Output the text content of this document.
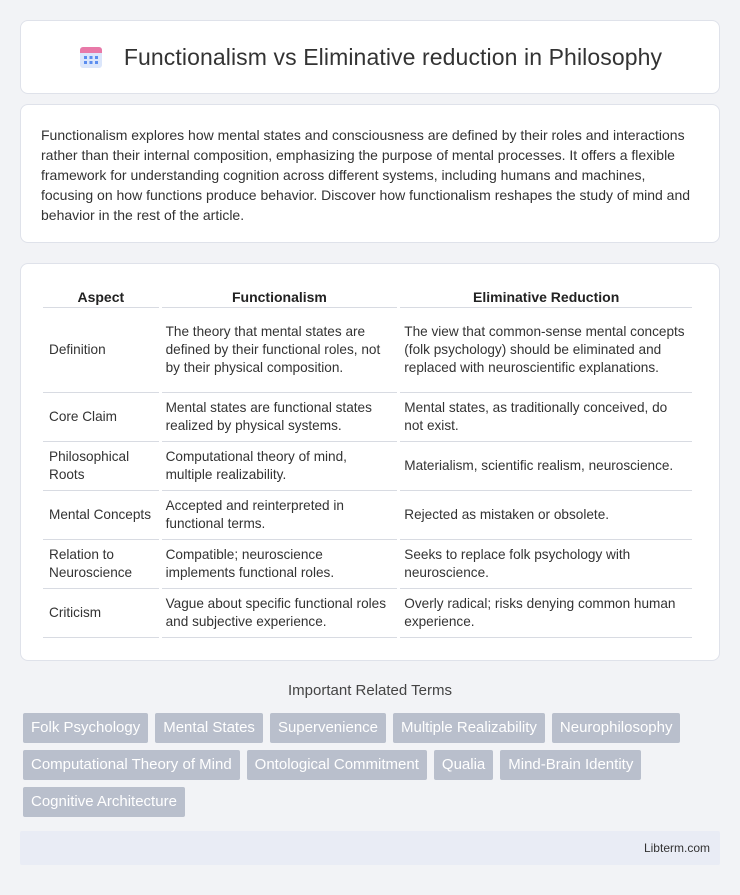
Functionalism vs Eliminative reduction in Philosophy

Functionalism explores how mental states and consciousness are defined by their roles and interactions rather than their internal composition, emphasizing the purpose of mental processes. It offers a flexible framework for understanding cognition across different systems, including humans and machines, focusing on how functions produce behavior. Discover how functionalism reshapes the study of mind and behavior in the rest of the article.

Aspect	Functionalism	Eliminative Reduction
Definition	The theory that mental states are defined by their functional roles, not by their physical composition.	The view that common-sense mental concepts (folk psychology) should be eliminated and replaced with neuroscientific explanations.
Core Claim	Mental states are functional states realized by physical systems.	Mental states, as traditionally conceived, do not exist.
Philosophical Roots	Computational theory of mind, multiple realizability.	Materialism, scientific realism, neuroscience.
Mental Concepts	Accepted and reinterpreted in functional terms.	Rejected as mistaken or obsolete.
Relation to Neuroscience	Compatible; neuroscience implements functional roles.	Seeks to replace folk psychology with neuroscience.
Criticism	Vague about specific functional roles and subjective experience.	Overly radical; risks denying common human experience.
Important Related Terms
Folk Psychology	Mental States	Supervenience	Multiple Realizability	Neurophilosophy
Computational Theory of Mind	Ontological Commitment	Qualia	Mind-Brain Identity
Cognitive Architecture
Libterm.com
